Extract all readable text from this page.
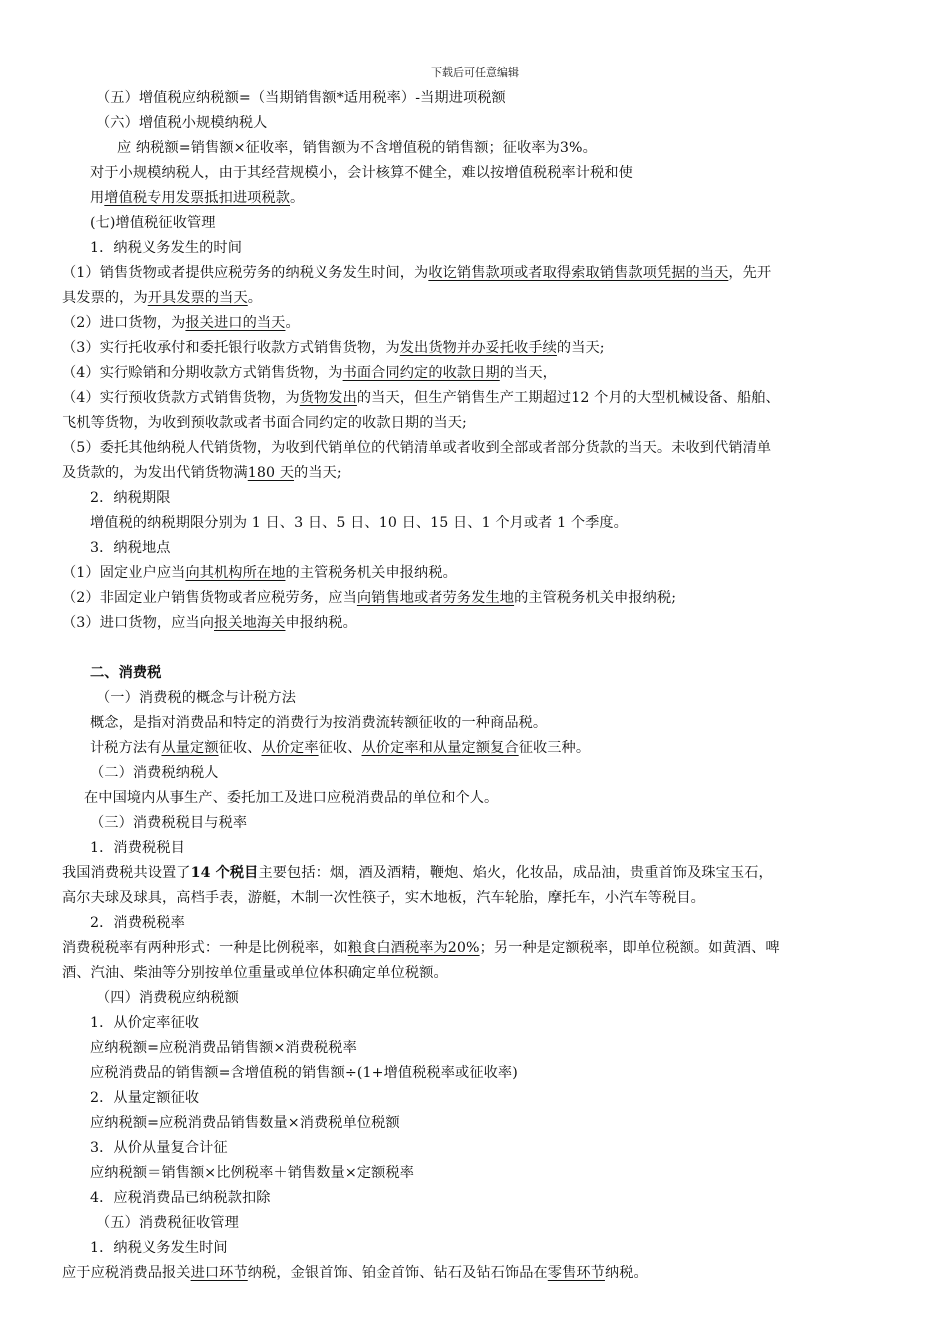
下载后可任意编辑
（五）增值税应纳税额=（当期销售额*适用税率）-当期进项税额
（六）增值税小规模纳税人
应 纳税额=销售额×征收率，销售额为不含增值税的销售额；征收率为3%。
对于小规模纳税人，由于其经营规模小，会计核算不健全，难以按增值税税率计税和使
用增值税专用发票抵扣进项税款。
(七)增值税征收管理
1．纳税义务发生的时间
（1）销售货物或者提供应税劳务的纳税义务发生时间，为收讫销售款项或者取得索取销售款项凭据的当天，先开
具发票的，为开具发票的当天。
（2）进口货物，为报关进口的当天。
（3）实行托收承付和委托银行收款方式销售货物，为发出货物并办妥托收手续的当天;
（4）实行赊销和分期收款方式销售货物，为书面合同约定的收款日期的当天，
（4）实行预收货款方式销售货物，为货物发出的当天，但生产销售生产工期超过12 个月的大型机械设备、船舶、
飞机等货物，为收到预收款或者书面合同约定的收款日期的当天;
（5）委托其他纳税人代销货物，为收到代销单位的代销清单或者收到全部或者部分货款的当天。未收到代销清单
及货款的，为发出代销货物满180 天的当天;
2．纳税期限
增值税的纳税期限分别为 1 日、3 日、5 日、10 日、15 日、1 个月或者 1 个季度。
3．纳税地点
（1）固定业户应当向其机构所在地的主管税务机关申报纳税。
（2）非固定业户销售货物或者应税劳务，应当向销售地或者劳务发生地的主管税务机关申报纳税;
（3）进口货物，应当向报关地海关申报纳税。
二、消费税
（一）消费税的概念与计税方法
概念，是指对消费品和特定的消费行为按消费流转额征收的一种商品税。
计税方法有从量定额征收、从价定率征收、从价定率和从量定额复合征收三种。
（二）消费税纳税人
在中国境内从事生产、委托加工及进口应税消费品的单位和个人。
（三）消费税税目与税率
1．消费税税目
我国消费税共设置了14 个税目主要包括：烟，酒及酒精，鞭炮、焰火，化妆品，成品油，贵重首饰及珠宝玉石，
高尔夫球及球具，高档手表，游艇，木制一次性筷子，实木地板，汽车轮胎，摩托车，小汽车等税目。
2．消费税税率
消费税税率有两种形式：一种是比例税率，如粮食白酒税率为20%；另一种是定额税率，即单位税额。如黄酒、啤
酒、汽油、柴油等分别按单位重量或单位体积确定单位税额。
（四）消费税应纳税额
1．从价定率征收
应纳税额=应税消费品销售额×消费税税率
应税消费品的销售额=含增值税的销售额÷(1+增值税税率或征收率)
2．从量定额征收
应纳税额=应税消费品销售数量×消费税单位税额
3．从价从量复合计征
应纳税额＝销售额×比例税率＋销售数量×定额税率
4．应税消费品已纳税款扣除
（五）消费税征收管理
1．纳税义务发生时间
应于应税消费品报关进口环节纳税，金银首饰、铂金首饰、钻石及钻石饰品在零售环节纳税。
